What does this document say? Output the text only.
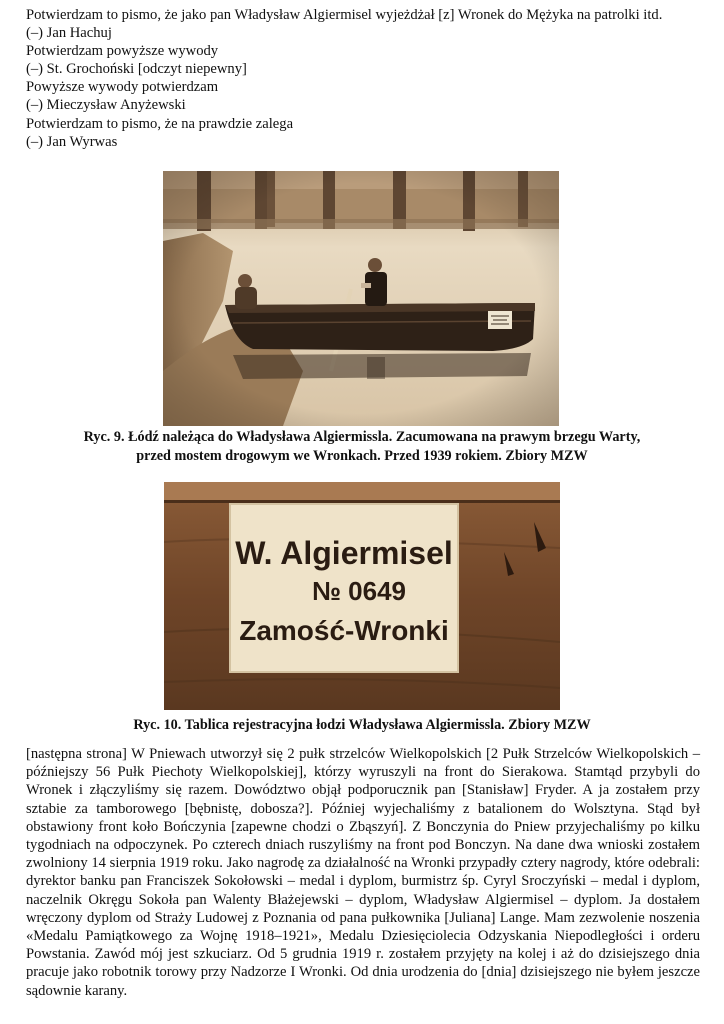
Potwierdzam to pismo, że jako pan Władysław Algiermisel wyjeżdżał [z] Wronek do Mężyka na patrolki itd.
(–) Jan Hachuj
Potwierdzam powyższe wywody
(–) St. Grochoński [odczyt niepewny]
Powyższe wywody potwierdzam
(–) Mieczysław Anyżewski
Potwierdzam to pismo, że na prawdzie zalega
(–) Jan Wyrwas
Ryc. 9. Łódź należąca do Władysława Algiermissla. Zacumowana na prawym brzegu Warty,
przed mostem drogowym we Wronkach. Przed 1939 rokiem. Zbiory MZW
W. Algiermisel
№ 0649
Zamość-Wronki
Ryc. 10. Tablica rejestracyjna łodzi Władysława Algiermissla. Zbiory MZW
[następna strona] W Pniewach utworzył się 2 pułk strzelców Wielkopolskich [2 Pułk Strzelców Wielkopolskich – późniejszy 56 Pułk Piechoty Wielkopolskiej], którzy wyruszyli na front do Sierakowa. Stamtąd przybyli do Wronek i złączyliśmy się razem. Dowództwo objął podporucznik pan [Stanisław] Fryder. A ja zostałem przy sztabie za tamborowego [bębnistę, dobosza?]. Później wyjechaliśmy z batalionem do Wolsztyna. Stąd był obstawiony front koło Bończynia [zapewne chodzi o Zbąszyń]. Z Bonczynia do Pniew przyjechaliśmy po kilku tygodniach na odpoczynek. Po czterech dniach ruszyliśmy na front pod Bonczyn. Na dane dwa wnioski zostałem zwolniony 14 sierpnia 1919 roku. Jako nagrodę za działalność na Wronki przypadły cztery nagrody, które odebrali: dyrektor banku pan Franciszek Sokołowski – medal i dyplom, burmistrz śp. Cyryl Sroczyński – medal i dyplom, naczelnik Okręgu Sokoła pan Walenty Błażejewski – dyplom, Władysław Algiermisel – dyplom. Ja dostałem wręczony dyplom od Straży Ludowej z Poznania od pana pułkownika [Juliana] Lange. Mam zezwolenie noszenia «Medalu Pamiątkowego za Wojnę 1918–1921», Medalu Dziesięciolecia Odzyskania Niepodległości i orderu Powstania. Zawód mój jest szkuciarz. Od 5 grudnia 1919 r. zostałem przyjęty na kolej i aż do dzisiejszego dnia pracuje jako robotnik torowy przy Nadzorze I Wronki. Od dnia urodzenia do [dnia] dzisiejszego nie byłem jeszcze sądownie karany.
